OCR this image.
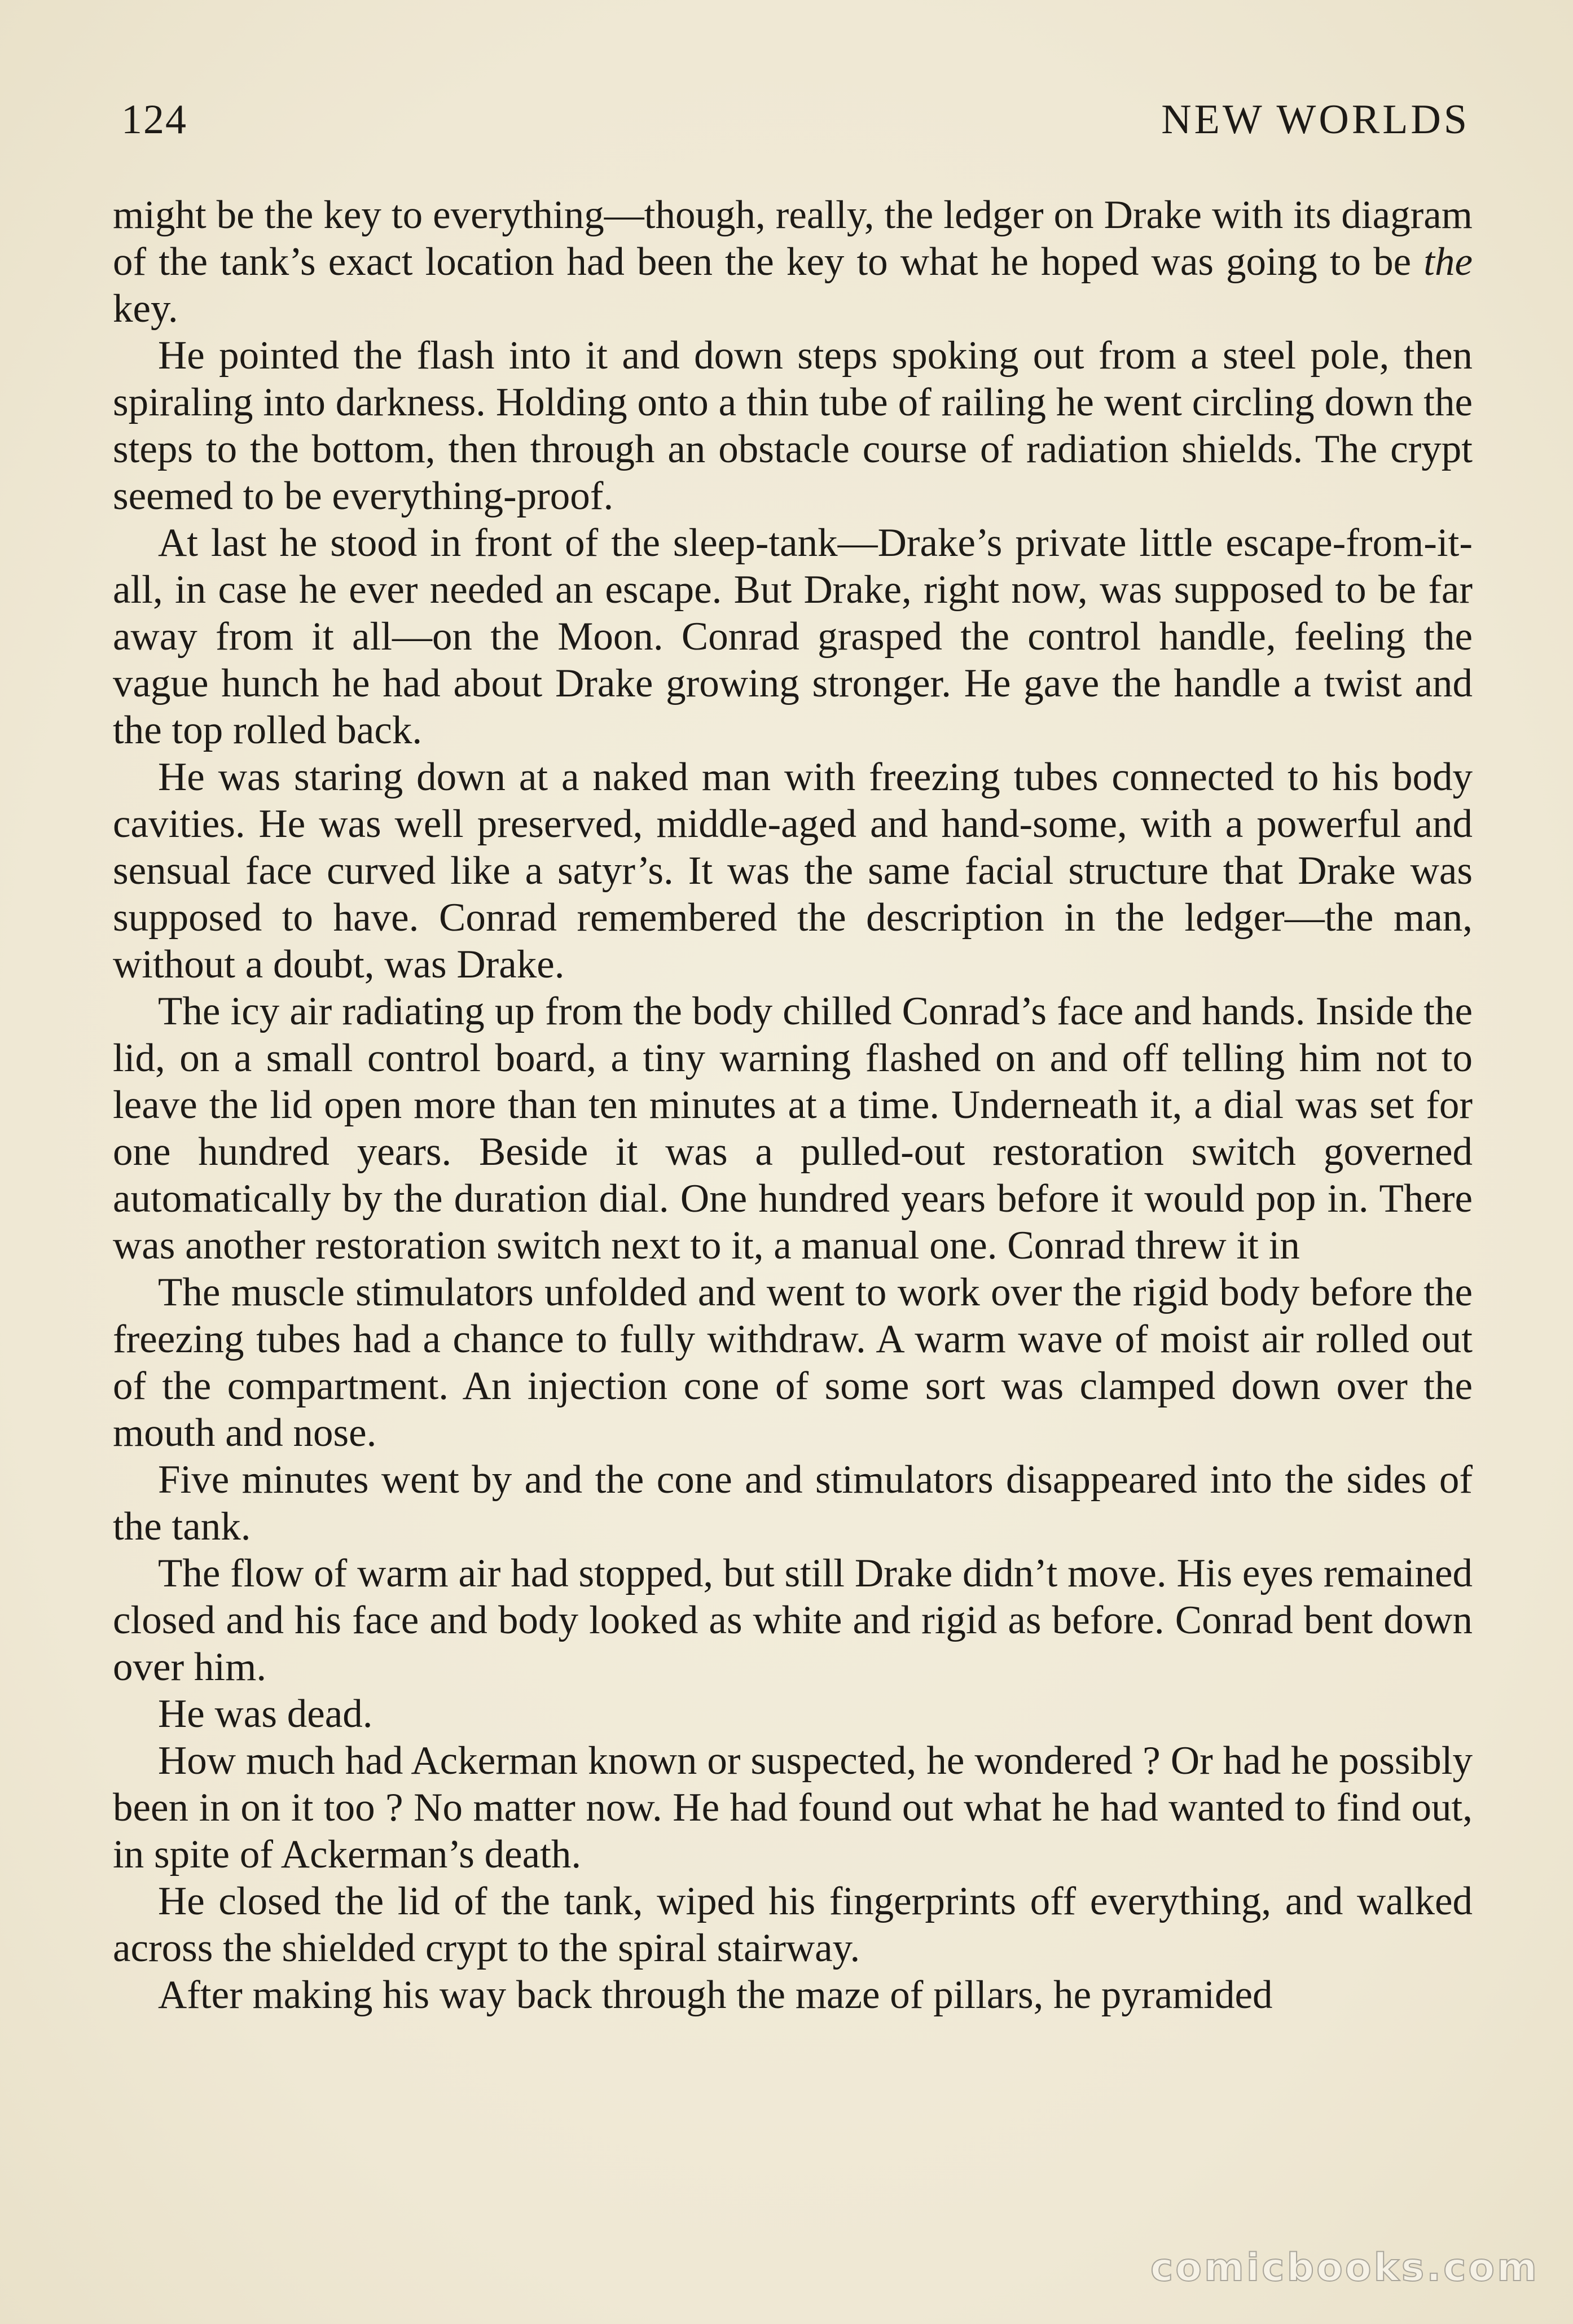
124	NEW WORLDS

might be the key to everything—though, really, the ledger on Drake with its diagram of the tank’s exact location had been the key to what he hoped was going to be the key.

He pointed the flash into it and down steps spoking out from a steel pole, then spiraling into darkness. Holding onto a thin tube of railing he went circling down the steps to the bottom, then through an obstacle course of radiation shields. The crypt seemed to be everything-proof.

At last he stood in front of the sleep-tank—Drake’s private little escape-from-it-all, in case he ever needed an escape. But Drake, right now, was supposed to be far away from it all—on the Moon. Conrad grasped the control handle, feeling the vague hunch he had about Drake growing stronger. He gave the handle a twist and the top rolled back.

He was staring down at a naked man with freezing tubes connected to his body cavities. He was well preserved, middle-aged and hand-some, with a powerful and sensual face curved like a satyr’s. It was the same facial structure that Drake was supposed to have. Conrad remembered the description in the ledger—the man, without a doubt, was Drake.

The icy air radiating up from the body chilled Conrad’s face and hands. Inside the lid, on a small control board, a tiny warning flashed on and off telling him not to leave the lid open more than ten minutes at a time. Underneath it, a dial was set for one hundred years. Beside it was a pulled-out restoration switch governed automatically by the duration dial. One hundred years before it would pop in. There was another restoration switch next to it, a manual one. Conrad threw it in

The muscle stimulators unfolded and went to work over the rigid body before the freezing tubes had a chance to fully withdraw. A warm wave of moist air rolled out of the compartment. An injection cone of some sort was clamped down over the mouth and nose.

Five minutes went by and the cone and stimulators disappeared into the sides of the tank.

The flow of warm air had stopped, but still Drake didn’t move. His eyes remained closed and his face and body looked as white and rigid as before. Conrad bent down over him.

He was dead.

How much had Ackerman known or suspected, he wondered ? Or had he possibly been in on it too ? No matter now. He had found out what he had wanted to find out, in spite of Ackerman’s death.

He closed the lid of the tank, wiped his fingerprints off everything, and walked across the shielded crypt to the spiral stairway.

After making his way back through the maze of pillars, he pyramided

comicbooks.com
